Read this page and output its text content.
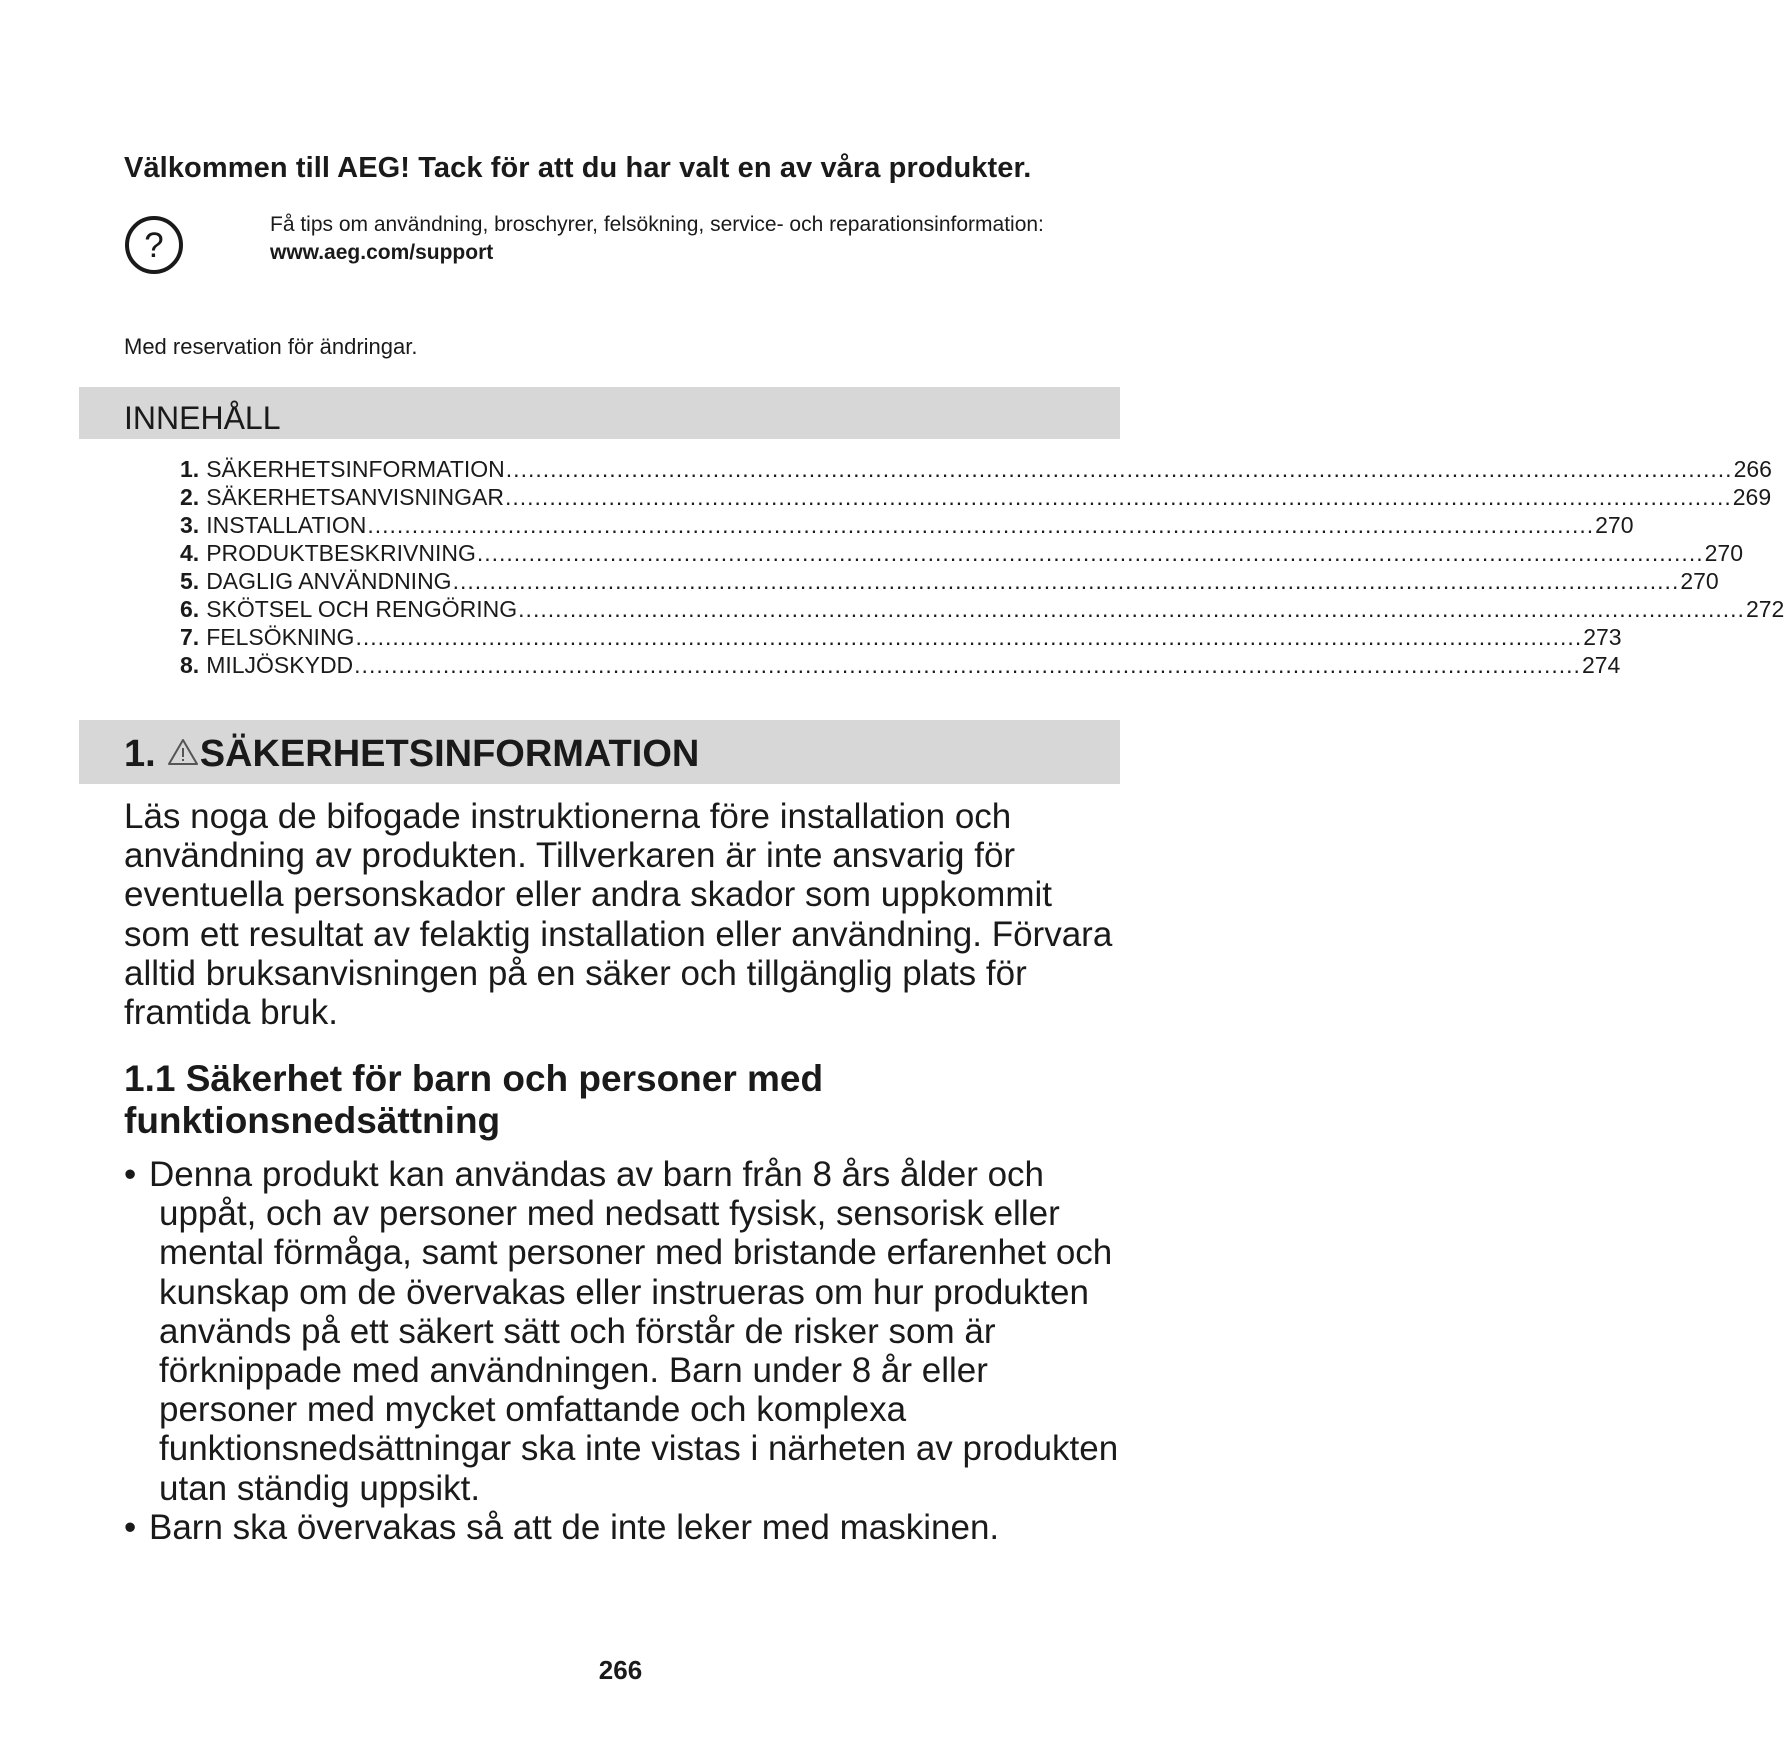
Välkommen till AEG! Tack för att du har valt en av våra produkter.
?
Få tips om användning, broschyrer, felsökning, service- och reparationsinformation:
www.aeg.com/support
Med reservation för ändringar.
INNEHÅLL
1. SÄKERHETSINFORMATION ...................................................................................................................................................................... 266
2. SÄKERHETSANVISNINGAR ...................................................................................................................................................................... 269
3. INSTALLATION ...................................................................................................................................................................... 270
4. PRODUKTBESKRIVNING ...................................................................................................................................................................... 270
5. DAGLIG ANVÄNDNING ...................................................................................................................................................................... 270
6. SKÖTSEL OCH RENGÖRING ...................................................................................................................................................................... 272
7. FELSÖKNING ...................................................................................................................................................................... 273
8. MILJÖSKYDD ...................................................................................................................................................................... 274
1. SÄKERHETSINFORMATION

Läs noga de bifogade instruktionerna före installation och användning av produkten. Tillverkaren är inte ansvarig för eventuella personskador eller andra skador som uppkommit som ett resultat av felaktig installation eller användning. Förvara alltid bruksanvisningen på en säker och tillgänglig plats för framtida bruk.

1.1 Säkerhet för barn och personer med funktionsnedsättning
• Denna produkt kan användas av barn från 8 års ålder och uppåt, och av personer med nedsatt fysisk, sensorisk eller mental förmåga, samt personer med bristande erfarenhet och kunskap om de övervakas eller instrueras om hur produkten används på ett säkert sätt och förstår de risker som är förknippade med användningen. Barn under 8 år eller personer med mycket omfattande och komplexa funktionsnedsättningar ska inte vistas i närheten av produkten utan ständig uppsikt.
• Barn ska övervakas så att de inte leker med maskinen.
266
